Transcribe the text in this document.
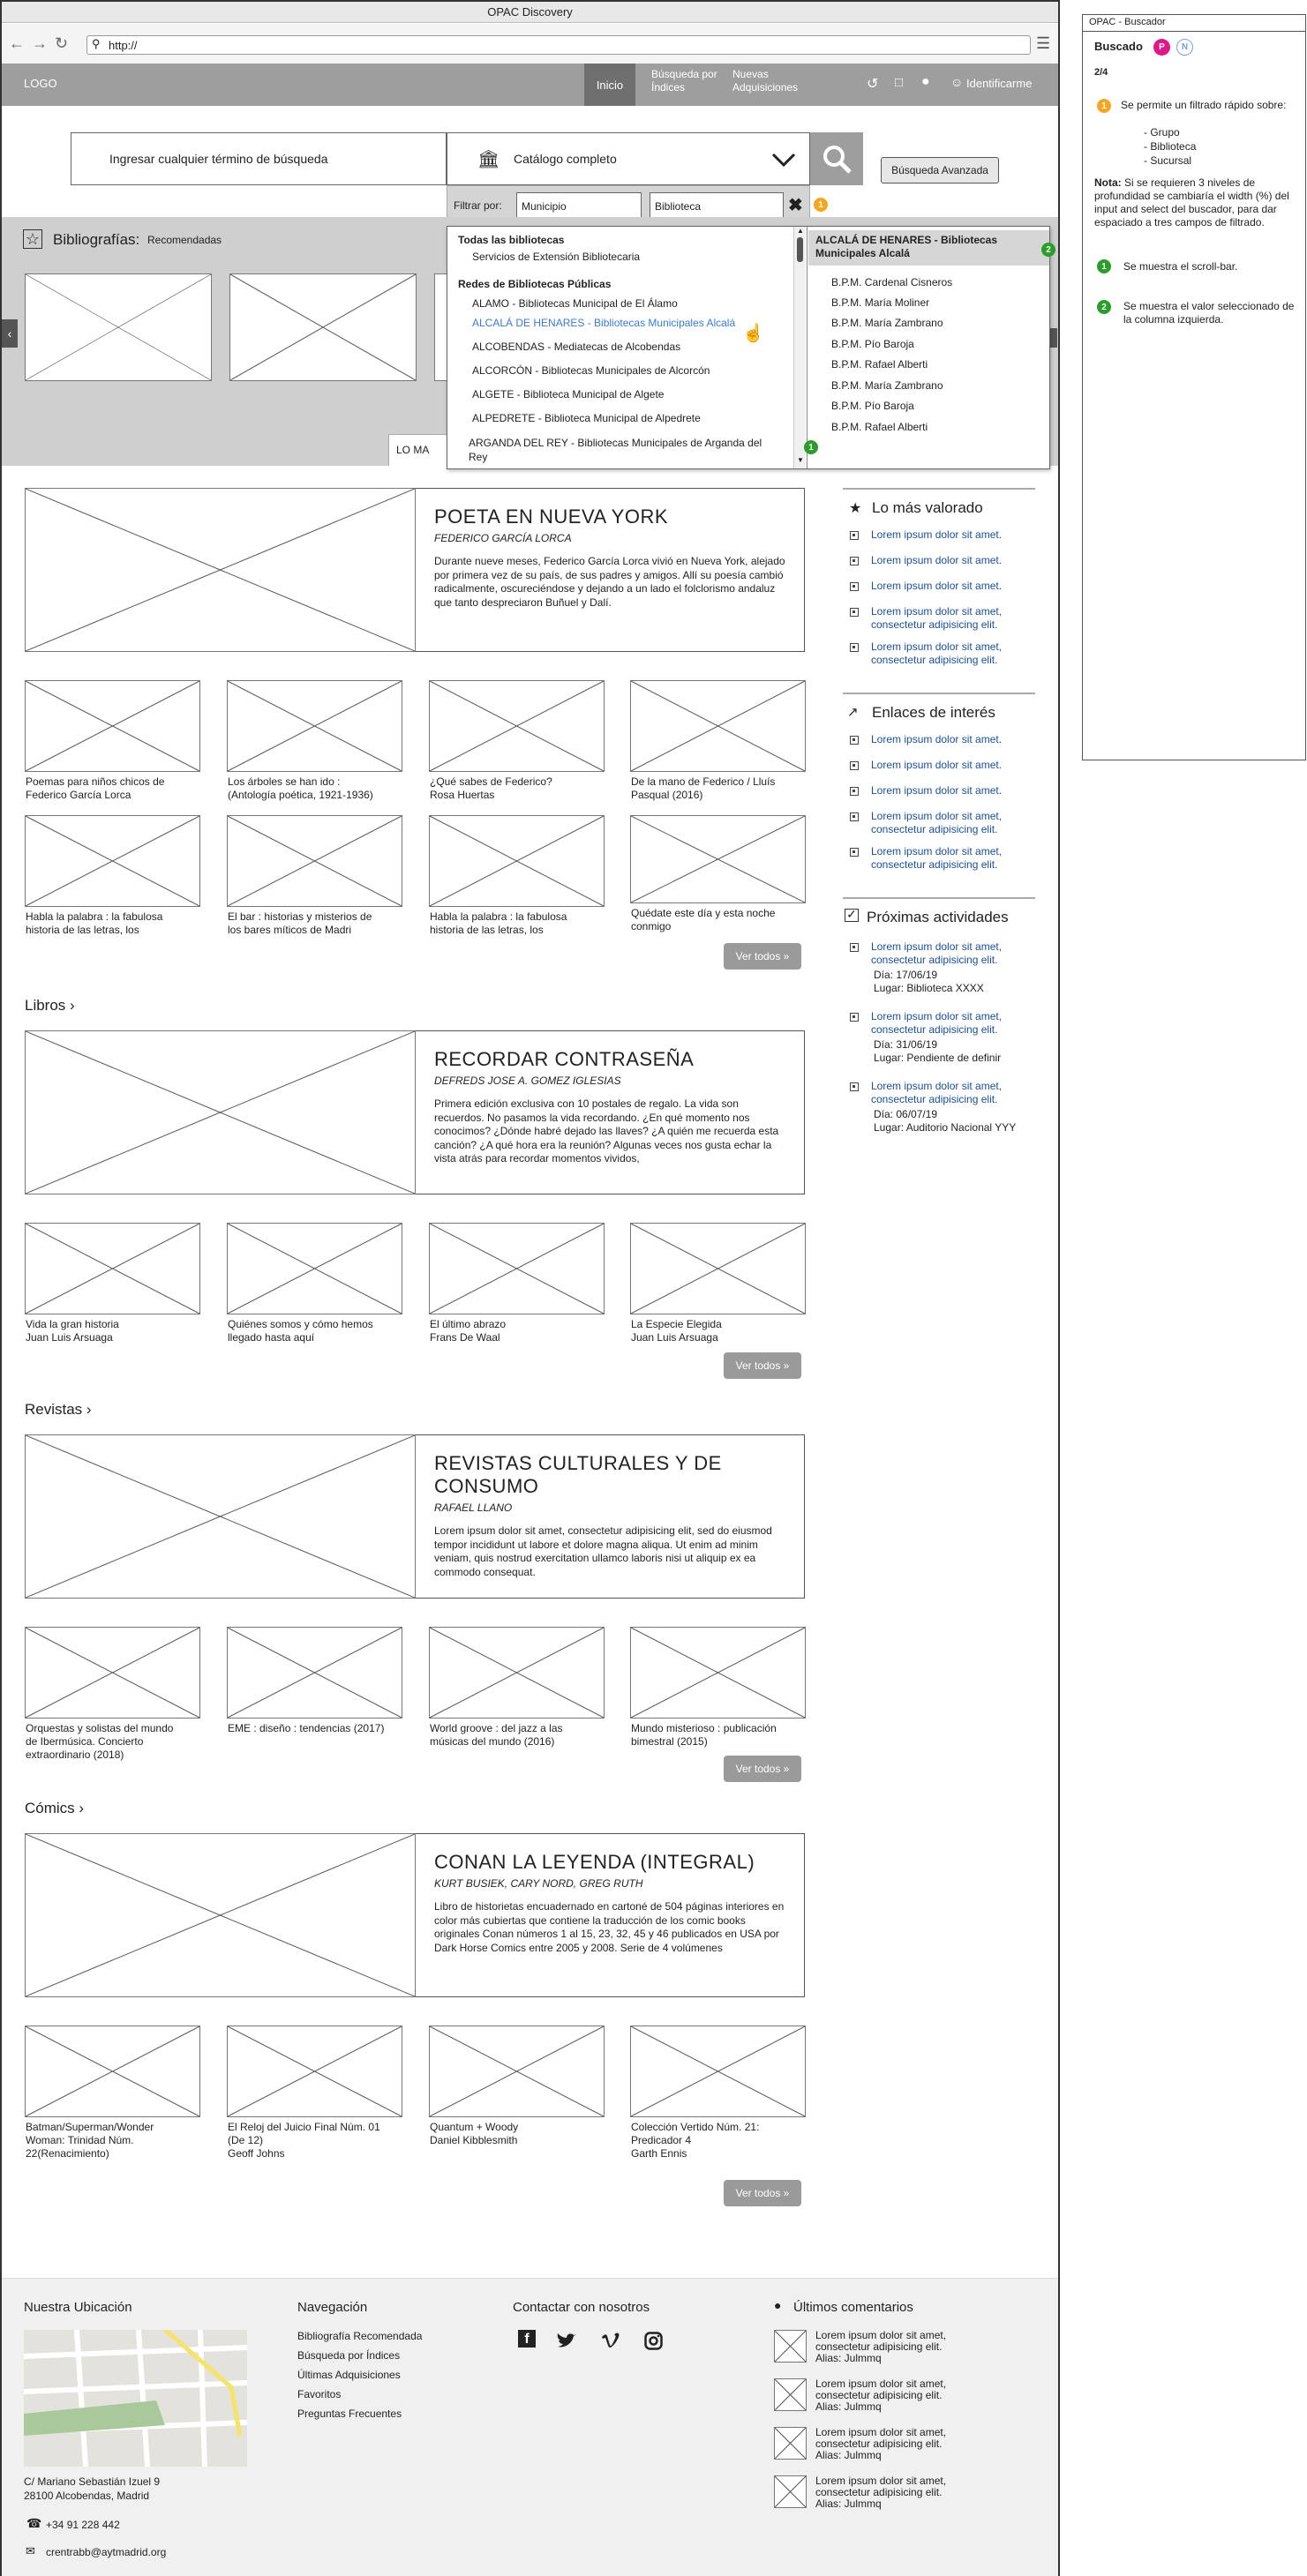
OPAC Discovery
← → ↻ ⚲ http://	☰
LOGO	Inicio
Búsqueda por Índices
Nuevas Adquisiciones	↺ □ ● ☺ Identificarme
Ingresar cualquier término de búsqueda	🏛 Catálogo completo
Búsqueda Avanzada
Filtrar por:	Municipio	Biblioteca	✖ 1
☆ Bibliografías: Recomendadas
‹
LO MA
Todas las bibliotecas
Servicios de Extensión Bibliotecaria
Redes de Bibliotecas Públicas
ALAMO - Bibliotecas Municipal de El Álamo
ALCALÁ DE HENARES - Bibliotecas Municipales Alcalá
ALCOBENDAS - Mediatecas de Alcobendas
ALCORCÓN - Bibliotecas Municipales de Alcorcón
ALGETE - Biblioteca Municipal de Algete
ALPEDRETE - Biblioteca Municipal de Alpedrete
ARGANDA DEL REY - Bibliotecas Municipales de Arganda del Rey
☝
▲
▼
1
ALCALÁ DE HENARES - Bibliotecas Municipales Alcalá	2
B.P.M. Cardenal Cisneros
B.P.M. María Moliner
B.P.M. María Zambrano
B.P.M. Pío Baroja
B.P.M. Rafael Alberti
B.P.M. María Zambrano
B.P.M. Pío Baroja
B.P.M. Rafael Alberti
★ Lo más valorado
↗ Enlaces de interés
✓ Próximas actividades
Nuestra Ubicación
C/ Mariano Sebastián Izuel 9
28100 Alcobendas, Madrid
☎ +34 91 228 442
✉ crentrabb@aytmadrid.org
Navegación	Contactar con nosotros
f
● Últimos comentarios
OPAC - Buscador
Buscado P N
2/4
1 Se permite un filtrado rápido sobre:
- Grupo
- Biblioteca
- Sucursal
Nota: Si se requieren 3 niveles de profundidad se cambiaría el width (%) del input and select del buscador, para dar espaciado a tres campos de filtrado.
1 Se muestra el scroll-bar.
2 Se muestra el valor seleccionado de la columna izquierda.
POETA EN NUEVA YORK
FEDERICO GARCÍA LORCA
Durante nueve meses, Federico García Lorca vivió en Nueva York, alejado por primera vez de su país, de sus padres y amigos. Allí su poesía cambió radicalmente, oscureciéndose y dejando a un lado el folclorismo andaluz que tanto despreciaron Buñuel y Dalí.
Poemas para niños chicos de
Federico García Lorca
Los árboles se han ido :
(Antología poética, 1921-1936)
¿Qué sabes de Federico?
Rosa Huertas
De la mano de Federico / Lluís
Pasqual (2016)
Habla la palabra : la fabulosa
historia de las letras, los
El bar : historias y misterios de
los bares míticos de Madri
Habla la palabra : la fabulosa
historia de las letras, los
Quédate este día y esta noche
conmigo
Ver todos »
Libros ›
RECORDAR CONTRASEÑA
DEFREDS JOSE A. GOMEZ IGLESIAS
Primera edición exclusiva con 10 postales de regalo. La vida son recuerdos. No pasamos la vida recordando. ¿En qué momento nos conocimos? ¿Dónde habré dejado las llaves? ¿A quién me recuerda esta canción? ¿A qué hora era la reunión? Algunas veces nos gusta echar la vista atrás para recordar momentos vividos,
Vida la gran historia
Juan Luis Arsuaga
Quiénes somos y cómo hemos
llegado hasta aquí
El último abrazo
Frans De Waal
La Especie Elegida
Juan Luis Arsuaga
Ver todos »
Revistas ›
REVISTAS CULTURALES Y DE CONSUMO
RAFAEL LLANO
Lorem ipsum dolor sit amet, consectetur adipisicing elit, sed do eiusmod tempor incididunt ut labore et dolore magna aliqua. Ut enim ad minim veniam, quis nostrud exercitation ullamco laboris nisi ut aliquip ex ea commodo consequat.
Orquestas y solistas del mundo
de Ibermúsica. Concierto
extraordinario (2018)
EME : diseño : tendencias (2017)	World groove : del jazz a las
músicas del mundo (2016)
Mundo misterioso : publicación
bimestral (2015)
Ver todos »
Cómics ›
CONAN LA LEYENDA (INTEGRAL)
KURT BUSIEK, CARY NORD, GREG RUTH
Libro de historietas encuadernado en cartoné de 504 páginas interiores en color más cubiertas que contiene la traducción de los comic books originales Conan números 1 al 15, 23, 32, 45 y 46 publicados en USA por Dark Horse Comics entre 2005 y 2008. Serie de 4 volúmenes
Batman/Superman/Wonder
Woman: Trinidad Núm.
22(Renacimiento)
El Reloj del Juicio Final Núm. 01
(De 12)
Geoff Johns
Quantum + Woody
Daniel Kibblesmith
Colección Vertido Núm. 21:
Predicador 4
Garth Ennis
Ver todos »
Lorem ipsum dolor sit amet.
Lorem ipsum dolor sit amet.
Lorem ipsum dolor sit amet.
Lorem ipsum dolor sit amet,
consectetur adipisicing elit.
Lorem ipsum dolor sit amet,
consectetur adipisicing elit.
Lorem ipsum dolor sit amet.
Lorem ipsum dolor sit amet.
Lorem ipsum dolor sit amet.
Lorem ipsum dolor sit amet,
consectetur adipisicing elit.
Lorem ipsum dolor sit amet,
consectetur adipisicing elit.
Lorem ipsum dolor sit amet,
consectetur adipisicing elit.
Día: 17/06/19
Lugar: Biblioteca XXXX
Lorem ipsum dolor sit amet,
consectetur adipisicing elit.
Día: 31/06/19
Lugar: Pendiente de definir
Lorem ipsum dolor sit amet,
consectetur adipisicing elit.
Día: 06/07/19
Lugar: Auditorio Nacional YYY
Bibliografía Recomendada
Búsqueda por Índices
Últimas Adquisiciones
Favoritos
Preguntas Frecuentes
Lorem ipsum dolor sit amet,
consectetur adipisicing elit.
Alias: Julmmq
Lorem ipsum dolor sit amet,
consectetur adipisicing elit.
Alias: Julmmq
Lorem ipsum dolor sit amet,
consectetur adipisicing elit.
Alias: Julmmq
Lorem ipsum dolor sit amet,
consectetur adipisicing elit.
Alias: Julmmq
